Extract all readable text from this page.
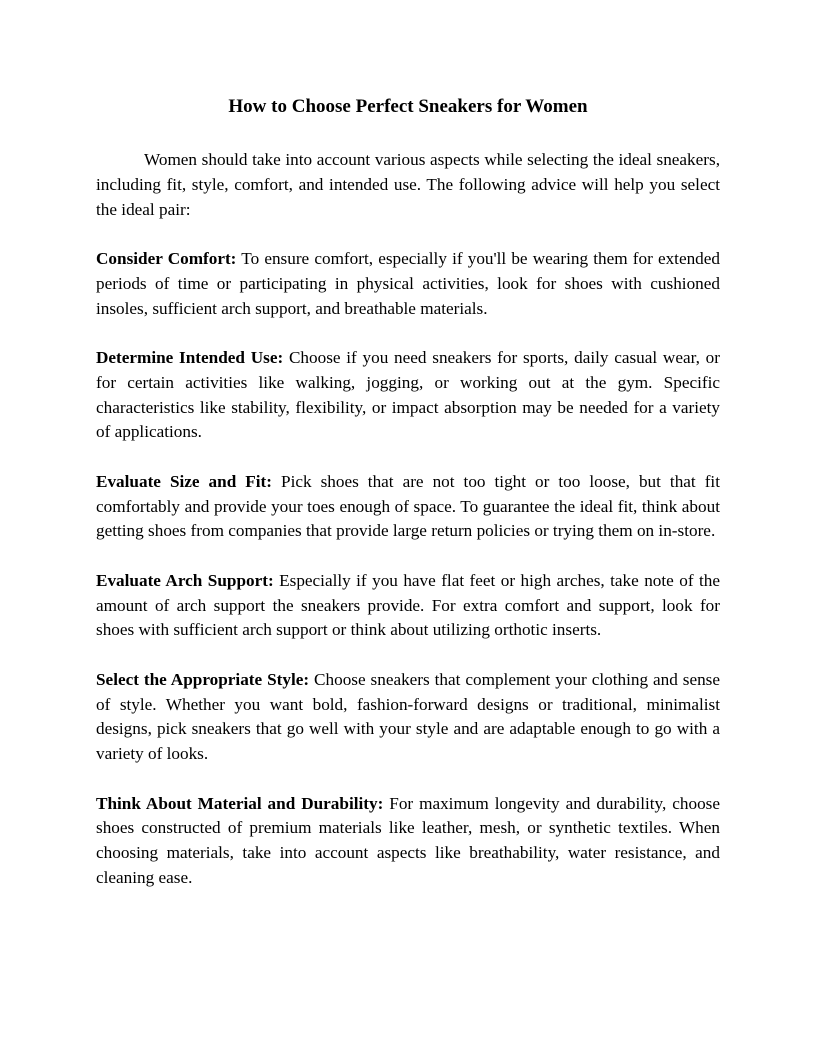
How to Choose Perfect Sneakers for Women

Women should take into account various aspects while selecting the ideal sneakers, including fit, style, comfort, and intended use. The following advice will help you select the ideal pair:

Consider Comfort: To ensure comfort, especially if you'll be wearing them for extended periods of time or participating in physical activities, look for shoes with cushioned insoles, sufficient arch support, and breathable materials.

Determine Intended Use: Choose if you need sneakers for sports, daily casual wear, or for certain activities like walking, jogging, or working out at the gym. Specific characteristics like stability, flexibility, or impact absorption may be needed for a variety of applications.

Evaluate Size and Fit: Pick shoes that are not too tight or too loose, but that fit comfortably and provide your toes enough of space. To guarantee the ideal fit, think about getting shoes from companies that provide large return policies or trying them on in-store.

Evaluate Arch Support: Especially if you have flat feet or high arches, take note of the amount of arch support the sneakers provide. For extra comfort and support, look for shoes with sufficient arch support or think about utilizing orthotic inserts.

Select the Appropriate Style: Choose sneakers that complement your clothing and sense of style. Whether you want bold, fashion-forward designs or traditional, minimalist designs, pick sneakers that go well with your style and are adaptable enough to go with a variety of looks.

Think About Material and Durability: For maximum longevity and durability, choose shoes constructed of premium materials like leather, mesh, or synthetic textiles. When choosing materials, take into account aspects like breathability, water resistance, and cleaning ease.
